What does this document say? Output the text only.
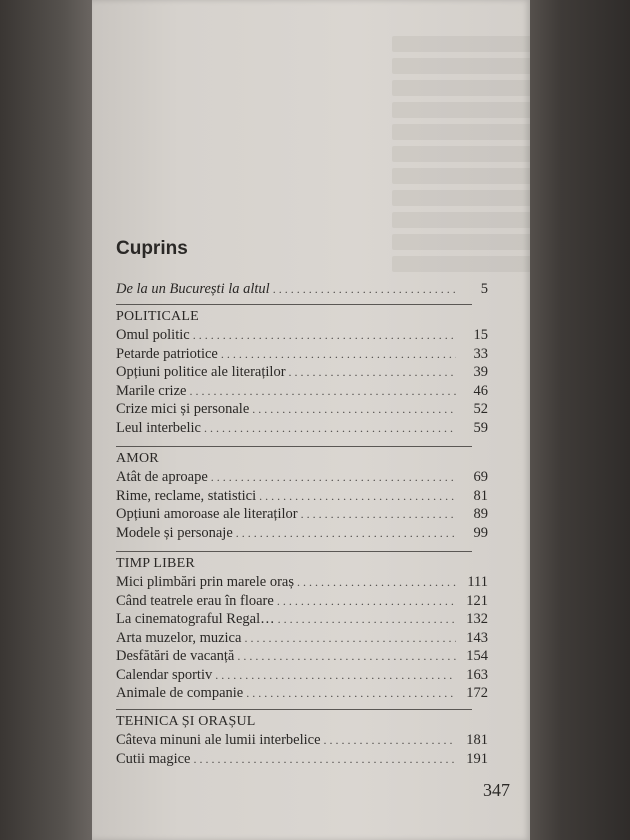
Cuprins
De la un București la altul . . .	5
POLITICALE
Omul politic . . .	15
Petarde patriotice . . .	33
Opțiuni politice ale literaților . . .	39
Marile crize . . .	46
Crize mici și personale . . .	52
Leul interbelic . . .	59
AMOR
Atât de aproape . . .	69
Rime, reclame, statistici . . .	81
Opțiuni amoroase ale literaților . . .	89
Modele și personaje . . .	99
TIMP LIBER
Mici plimbări prin marele oraș . . .	111
Când teatrele erau în floare . . .	121
La cinematograful Regal… . . .	132
Arta muzelor, muzica . . .	143
Desfătări de vacanță . . .	154
Calendar sportiv . . .	163
Animale de companie . . .	172
TEHNICA ȘI ORAȘUL
Câteva minuni ale lumii interbelice . . .	181
Cutii magice . . .	191
347
